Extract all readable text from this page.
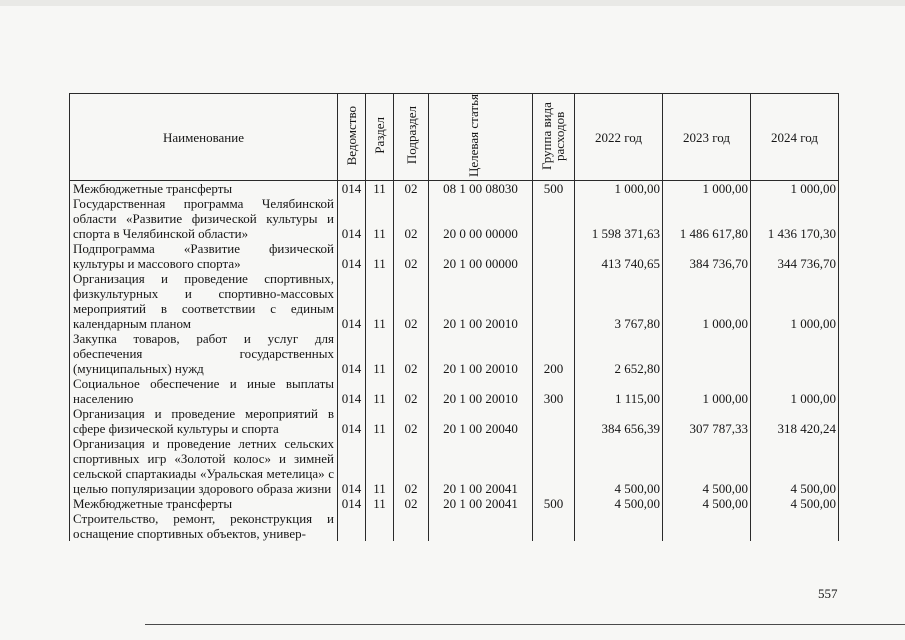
Наименование	Ведомство	Раздел	Подраздел	Целевая статья	Группа вида расходов	2022 год	2023 год	2024 год
Межбюджетные трансферты	014	11	02	08 1 00 08030	500	1 000,00	1 000,00	1 000,00
Государственная программа Челябинской области «Развитие физической культуры и спорта в Челябинской области»	014	11	02	20 0 00 00000		1 598 371,63	1 486 617,80	1 436 170,30
Подпрограмма «Развитие физической культуры и массового спорта»	014	11	02	20 1 00 00000		413 740,65	384 736,70	344 736,70
Организация и проведение спортивных, физкультурных и спортивно-массовых мероприятий в соответствии с единым календарным планом	014	11	02	20 1 00 20010		3 767,80	1 000,00	1 000,00
Закупка товаров, работ и услуг для обеспечения государственных (муниципальных) нужд	014	11	02	20 1 00 20010	200	2 652,80		
Социальное обеспечение и иные выплаты населению	014	11	02	20 1 00 20010	300	1 115,00	1 000,00	1 000,00
Организация и проведение мероприятий в сфере физической культуры и спорта	014	11	02	20 1 00 20040		384 656,39	307 787,33	318 420,24
Организация и проведение летних сельских спортивных игр «Золотой колос» и зимней сельской спартакиады «Уральская метелица» с целью популяризации здорового образа жизни	014	11	02	20 1 00 20041		4 500,00	4 500,00	4 500,00
Межбюджетные трансферты	014	11	02	20 1 00 20041	500	4 500,00	4 500,00	4 500,00
Строительство, ремонт, реконструкция и оснащение спортивных объектов, универ-								
557
